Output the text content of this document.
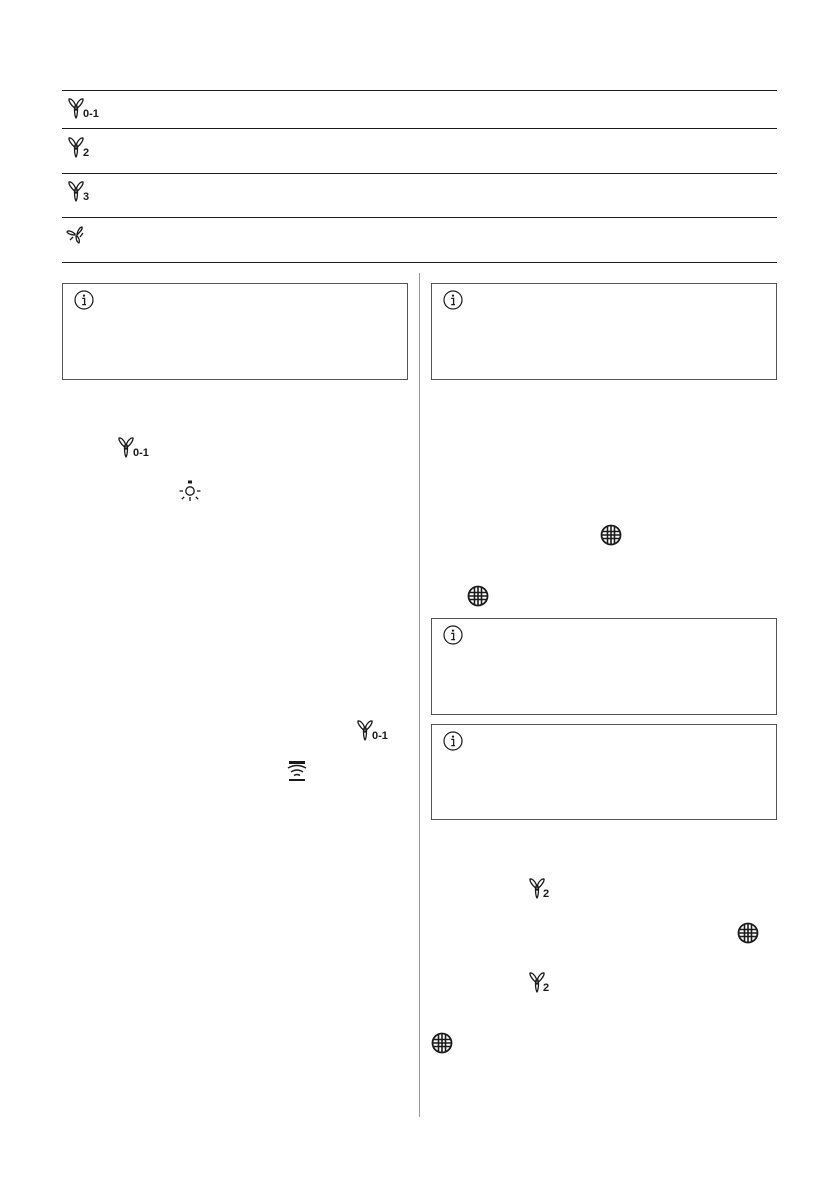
0-1
2
3
0-1
0-1
2
2
